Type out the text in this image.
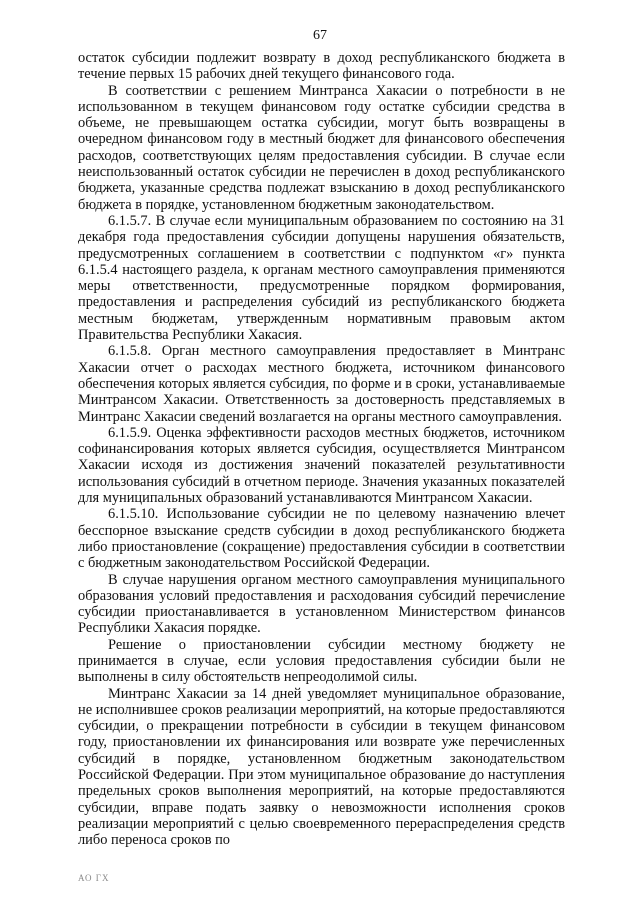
67

остаток субсидии подлежит возврату в доход республиканского бюджета в течение первых 15 рабочих дней текущего финансового года.

В соответствии с решением Минтранса Хакасии о потребности в не использованном в текущем финансовом году остатке субсидии средства в объеме, не превышающем остатка субсидии, могут быть возвращены в очередном финансовом году в местный бюджет для финансового обеспечения расходов, соответствующих целям предоставления субсидии. В случае если неиспользованный остаток субсидии не перечислен в доход республиканского бюджета, указанные средства подлежат взысканию в доход республиканского бюджета в порядке, установленном бюджетным законодательством.

6.1.5.7. В случае если муниципальным образованием по состоянию на 31 декабря года предоставления субсидии допущены нарушения обязательств, предусмотренных соглашением в соответствии с подпунктом «г» пункта 6.1.5.4 настоящего раздела, к органам местного самоуправления применяются меры ответственности, предусмотренные порядком формирования, предоставления и распределения субсидий из республиканского бюджета местным бюджетам, утвержденным нормативным правовым актом Правительства Республики Хакасия.

6.1.5.8. Орган местного самоуправления предоставляет в Минтранс Хакасии отчет о расходах местного бюджета, источником финансового обеспечения которых является субсидия, по форме и в сроки, устанавливаемые Минтрансом Хакасии. Ответственность за достоверность представляемых в Минтранс Хакасии сведений возлагается на органы местного самоуправления.

6.1.5.9. Оценка эффективности расходов местных бюджетов, источником софинансирования которых является субсидия, осуществляется Минтрансом Хакасии исходя из достижения значений показателей результативности использования субсидий в отчетном периоде. Значения указанных показателей для муниципальных образований устанавливаются Минтрансом Хакасии.

6.1.5.10. Использование субсидии не по целевому назначению влечет бесспорное взыскание средств субсидии в доход республиканского бюджета либо приостановление (сокращение) предоставления субсидии в соответствии с бюджетным законодательством Российской Федерации.

В случае нарушения органом местного самоуправления муниципального образования условий предоставления и расходования субсидий перечисление субсидии приостанавливается в установленном Министерством финансов Республики Хакасия порядке.

Решение о приостановлении субсидии местному бюджету не принимается в случае, если условия предоставления субсидии были не выполнены в силу обстоятельств непреодолимой силы.

Минтранс Хакасии за 14 дней уведомляет муниципальное образование, не исполнившее сроков реализации мероприятий, на которые предоставляются субсидии, о прекращении потребности в субсидии в текущем финансовом году, приостановлении их финансирования или возврате уже перечисленных субсидий в порядке, установленном бюджетным законодательством Российской Федерации. При этом муниципальное образование до наступления предельных сроков выполнения мероприятий, на которые предоставляются субсидии, вправе подать заявку о невозможности исполнения сроков реализации мероприятий с целью своевременного перераспределения средств либо переноса сроков по

АО ГХ
